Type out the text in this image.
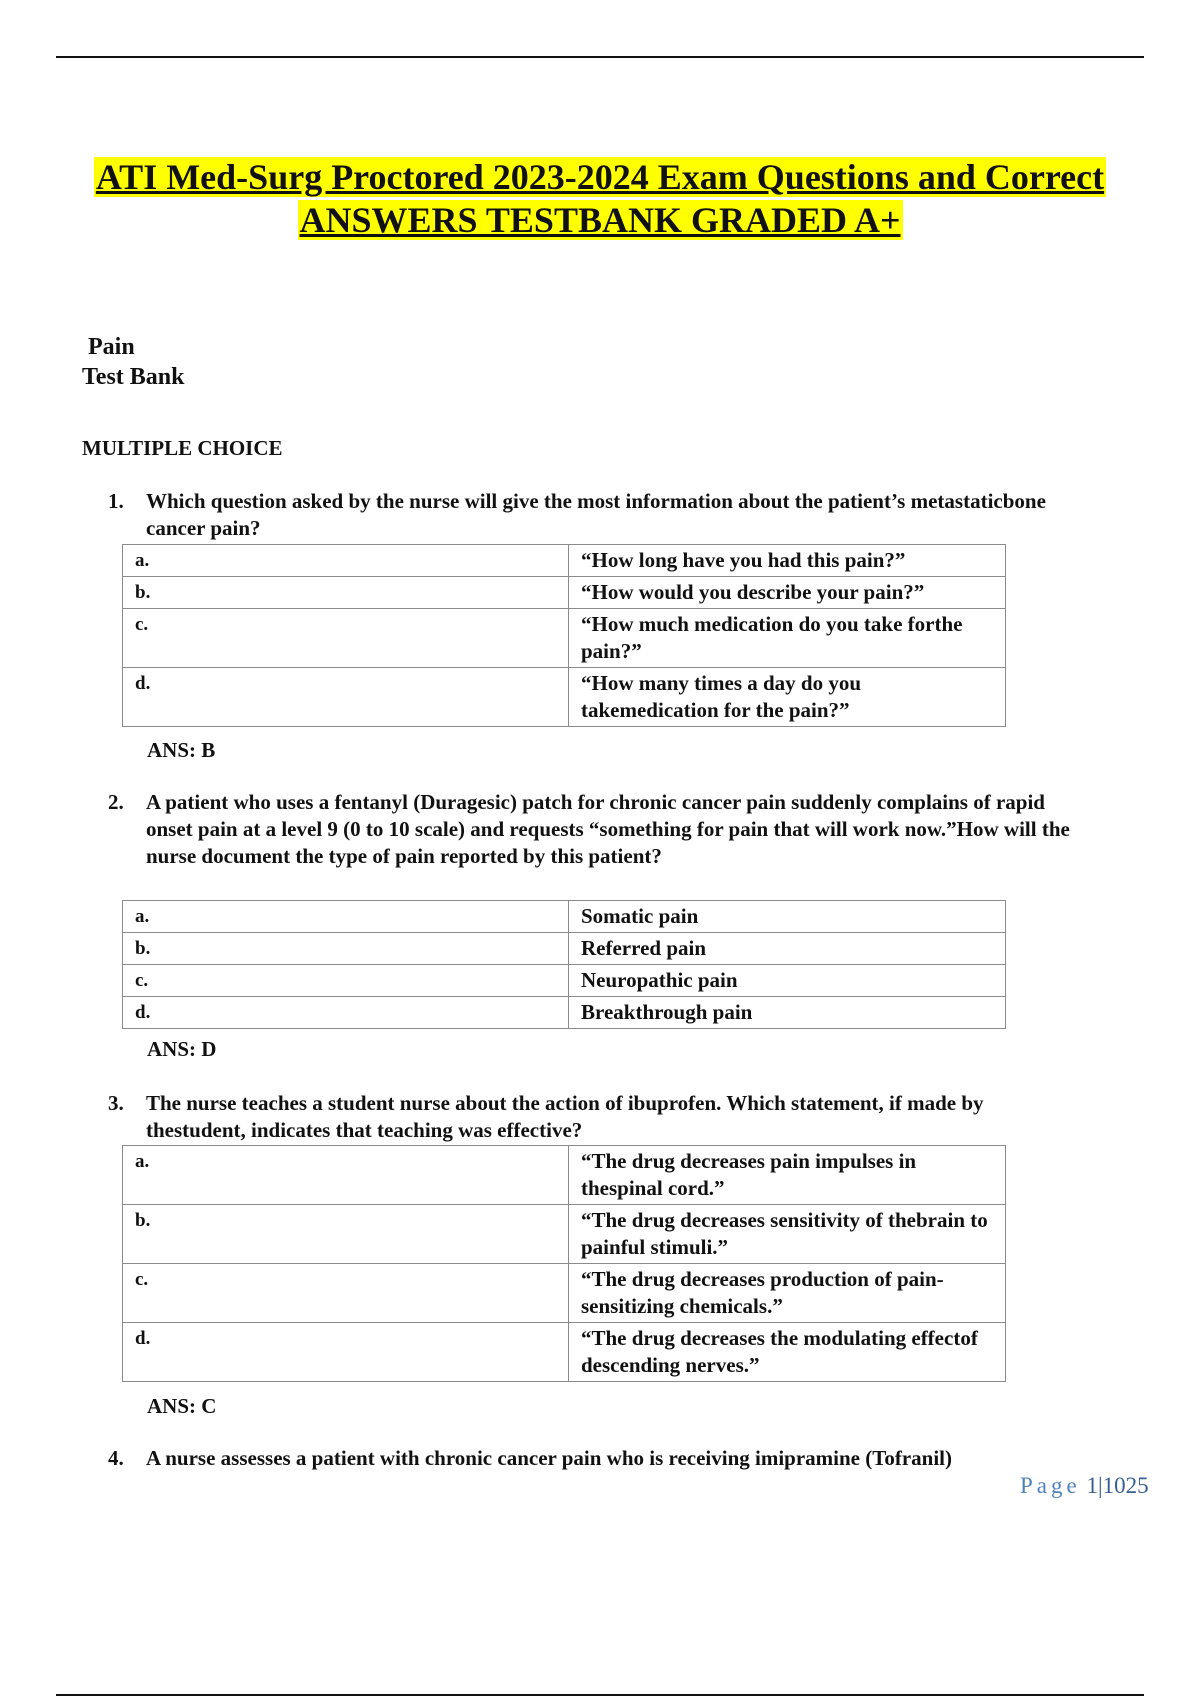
ATI Med-Surg Proctored 2023-2024 Exam Questions and Correct
ANSWERS TESTBANK GRADED A+
Pain
Test Bank
MULTIPLE CHOICE
1.	Which question asked by the nurse will give the most information about the patient’s metastaticbone cancer pain?
a.	“How long have you had this pain?”
b.	“How would you describe your pain?”
c.	“How much medication do you take forthe pain?”
d.	“How many times a day do you takemedication for the pain?”
ANS: B
2.	A patient who uses a fentanyl (Duragesic) patch for chronic cancer pain suddenly complains of rapid onset pain at a level 9 (0 to 10 scale) and requests “something for pain that will work now.”How will the nurse document the type of pain reported by this patient?
a.	Somatic pain
b.	Referred pain
c.	Neuropathic pain
d.	Breakthrough pain
ANS: D
3.	The nurse teaches a student nurse about the action of ibuprofen. Which statement, if made by thestudent, indicates that teaching was effective?
a.	“The drug decreases pain impulses in thespinal cord.”
b.	“The drug decreases sensitivity of thebrain to painful stimuli.”
c.	“The drug decreases production of pain-sensitizing chemicals.”
d.	“The drug decreases the modulating effectof descending nerves.”
ANS: C
4.	A nurse assesses a patient with chronic cancer pain who is receiving imipramine (Tofranil)
Page 1|1025
